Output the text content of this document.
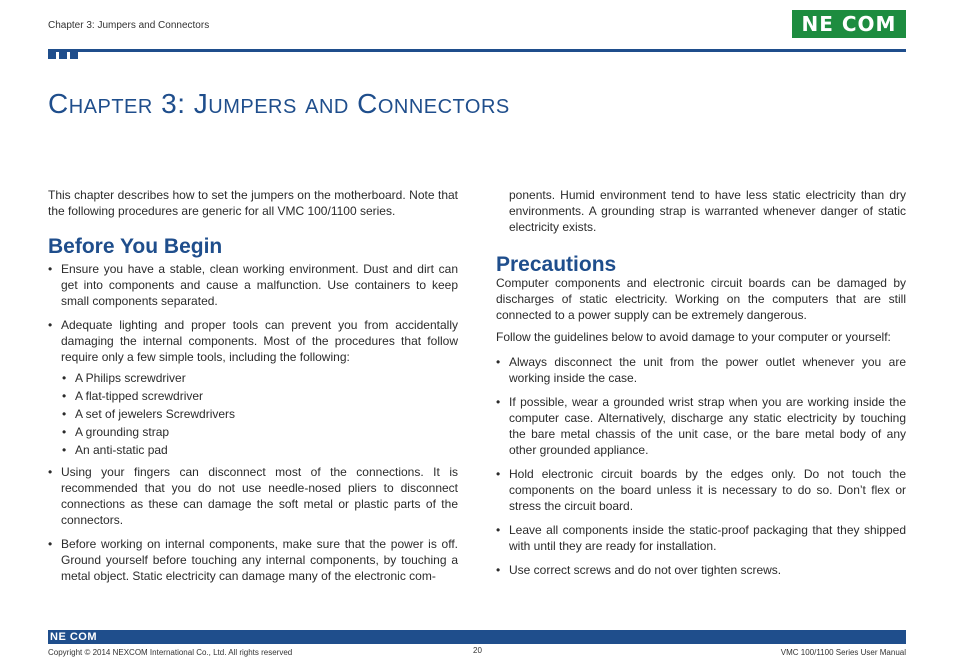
Chapter 3: Jumpers and Connectors	NE COM
Chapter 3: Jumpers and Connectors

This chapter describes how to set the jumpers on the motherboard. Note that the following procedures are generic for all VMC 100/1100 series.

Before You Begin
• Ensure you have a stable, clean working environment. Dust and dirt can get into components and cause a malfunction. Use containers to keep small components separated.
• Adequate lighting and proper tools can prevent you from accidentally damaging the internal components. Most of the procedures that follow require only a few simple tools, including the following:
• A Philips screwdriver
• A flat-tipped screwdriver
• A set of jewelers Screwdrivers
• A grounding strap
• An anti-static pad
• Using your fingers can disconnect most of the connections. It is recommended that you do not use needle-nosed pliers to disconnect connections as these can damage the soft metal or plastic parts of the connectors.
• Before working on internal components, make sure that the power is off. Ground yourself before touching any internal components, by touching a metal object. Static electricity can damage many of the electronic com-

ponents. Humid environment tend to have less static electricity than dry environments. A grounding strap is warranted whenever danger of static electricity exists.

Precautions

Computer components and electronic circuit boards can be damaged by discharges of static electricity. Working on the computers that are still connected to a power supply can be extremely dangerous.

Follow the guidelines below to avoid damage to your computer or yourself:

• Always disconnect the unit from the power outlet whenever you are working inside the case.
• If possible, wear a grounded wrist strap when you are working inside the computer case. Alternatively, discharge any static electricity by touching the bare metal chassis of the unit case, or the bare metal body of any other grounded appliance.
• Hold electronic circuit boards by the edges only. Do not touch the components on the board unless it is necessary to do so. Don’t flex or stress the circuit board.
• Leave all components inside the static-proof packaging that they shipped with until they are ready for installation.
• Use correct screws and do not over tighten screws.
NE COM
Copyright © 2014 NEXCOM International Co., Ltd. All rights reserved	20	VMC 100/1100 Series User Manual
